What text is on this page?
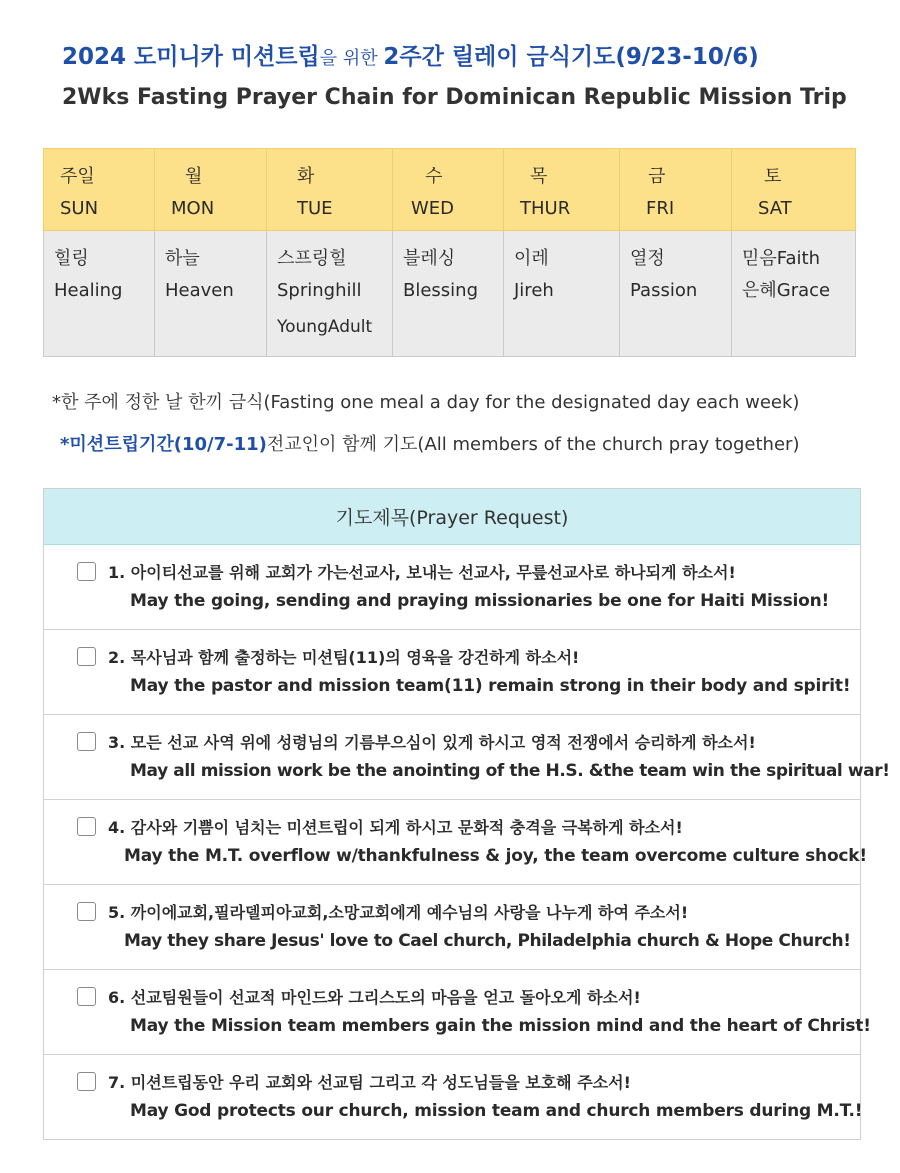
2024 도미니카 미션트립을 위한 2주간 릴레이 금식기도(9/23-10/6)
2Wks Fasting Prayer Chain for Dominican Republic Mission Trip
주일
SUN	월
MON	화
TUE	수
WED	목
THUR	금
FRI	토
SAT

힐링
Healing	하늘
Heaven	스프링힐
Springhill
YoungAdult	블레싱
Blessing	이레
Jireh	열정
Passion	믿음Faith
은혜Grace
*한 주에 정한 날 한끼 금식(Fasting one meal a day for the designated day each week)
*미션트립기간(10/7-11)전교인이 함께 기도(All members of the church pray together)
기도제목(Prayer Request)
1. 아이티선교를 위해 교회가 가는선교사, 보내는 선교사, 무릎선교사로 하나되게 하소서!
May the going, sending and praying missionaries be one for Haiti Mission!
2. 목사님과 함께 출정하는 미션팀(11)의 영육을 강건하게 하소서!
May the pastor and mission team(11) remain strong in their body and spirit!
3. 모든 선교 사역 위에 성령님의 기름부으심이 있게 하시고 영적 전쟁에서 승리하게 하소서!
May all mission work be the anointing of the H.S. &the team win the spiritual war!
4. 감사와 기쁨이 넘치는 미션트립이 되게 하시고 문화적 충격을 극복하게 하소서!
May the M.T. overflow w/thankfulness & joy, the team overcome culture shock!
5. 까이에교회,필라델피아교회,소망교회에게 예수님의 사랑을 나누게 하여 주소서!
May they share Jesus' love to Cael church, Philadelphia church & Hope Church!
6. 선교팀원들이 선교적 마인드와 그리스도의 마음을 얻고 돌아오게 하소서!
May the Mission team members gain the mission mind and the heart of Christ!
7. 미션트립동안 우리 교회와 선교팀 그리고 각 성도님들을 보호해 주소서!
May God protects our church, mission team and church members during M.T.!
